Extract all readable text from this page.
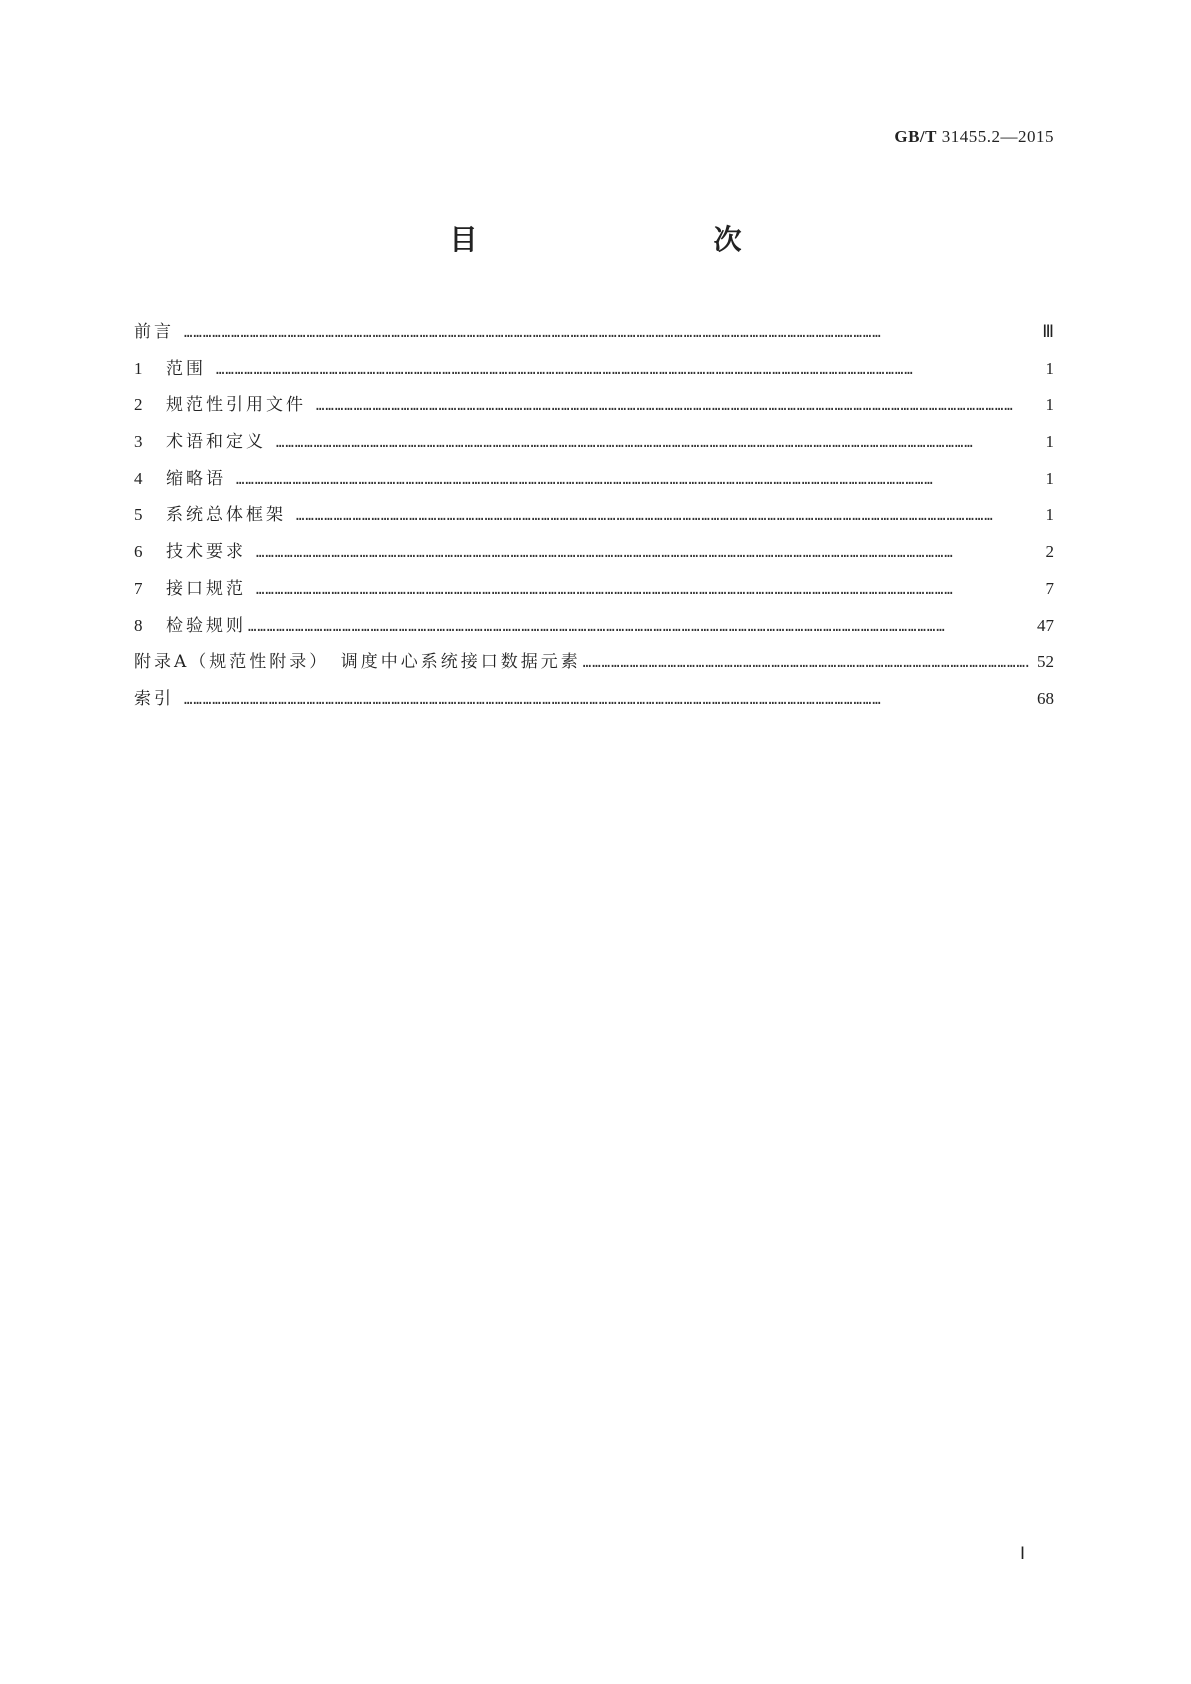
GB/T 31455.2—2015
目　　次
前言 ……………………………………………………………………………………………………………………………………………………………………………………………………	Ⅲ
1	范围 ……………………………………………………………………………………………………………………………………………………………………………………………………	1
2	规范性引用文件 ……………………………………………………………………………………………………………………………………………………………………………………………………	1
3	术语和定义 ……………………………………………………………………………………………………………………………………………………………………………………………………	1
4	缩略语 ……………………………………………………………………………………………………………………………………………………………………………………………………	1
5	系统总体框架 ……………………………………………………………………………………………………………………………………………………………………………………………………	1
6	技术要求 ……………………………………………………………………………………………………………………………………………………………………………………………………	2
7	接口规范 ……………………………………………………………………………………………………………………………………………………………………………………………………	7
8	检验规则 ……………………………………………………………………………………………………………………………………………………………………………………………………	47
附录A（规范性附录）　调度中心系统接口数据元素 ……………………………………………………………………………………………………………………………………………………………………………………………………	52
索引 ……………………………………………………………………………………………………………………………………………………………………………………………………	68
Ⅰ
